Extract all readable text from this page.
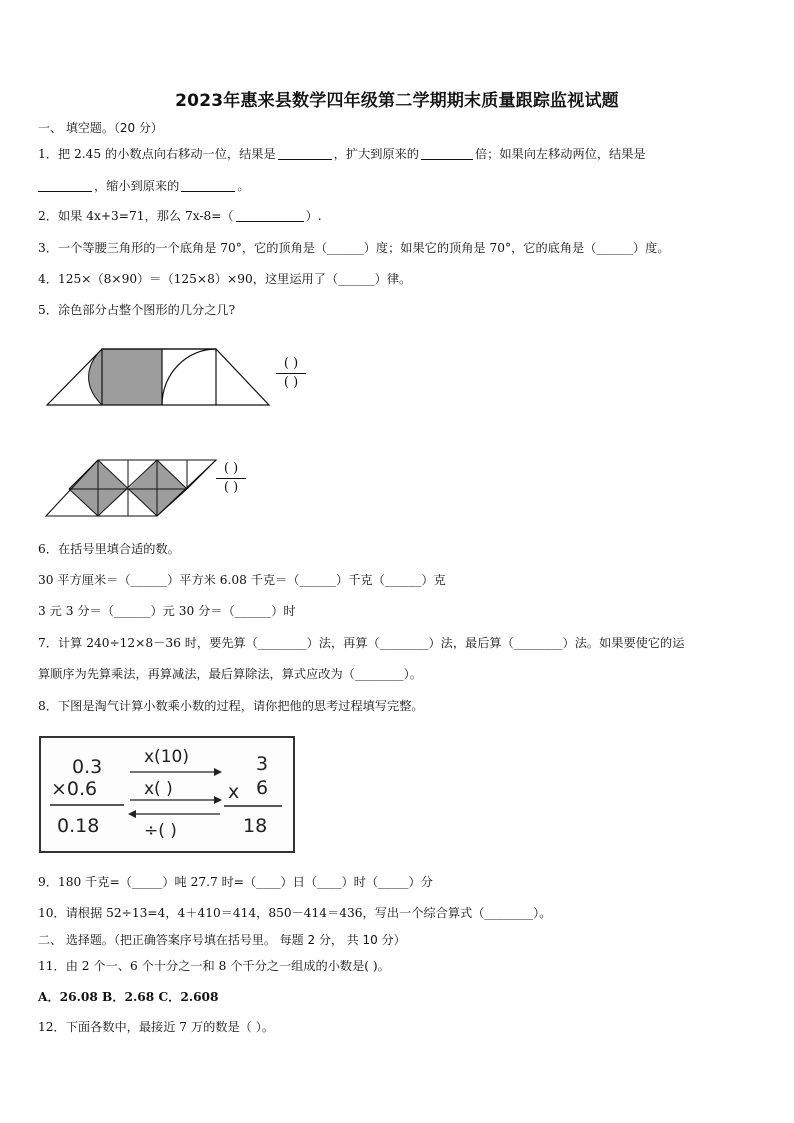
2023年惠来县数学四年级第二学期期末质量跟踪监视试题
一、 填空题。（20 分）
1．把 2.45 的小数点向右移动一位，结果是	，扩大到原来的	倍；如果向左移动两位，结果是
，缩小到原来的	。
2．如果 4x+3=71，那么 7x-8=（	）.
3．一个等腰三角形的一个底角是 70°，它的顶角是（______）度；如果它的顶角是 70°，它的底角是（______）度。
4．125×（8×90）＝（125×8）×90，这里运用了（______）律。
5．涂色部分占整个图形的几分之几?
( )
( )
( )
( )
6．在括号里填合适的数。
30 平方厘米＝（______）平方米 6.08 千克＝（______）千克（______）克
3 元 3 分＝（______）元 30 分＝（______）时
7．计算 240÷12×8－36 时，要先算（________）法，再算（________）法，最后算（________）法。如果要使它的运
算顺序为先算乘法，再算减法，最后算除法，算式应改为（________）。
8．下图是淘气计算小数乘小数的过程，请你把他的思考过程填写完整。
0.3
×0.6
0.18
x(10)
x( )
÷( )
3
x 6
18
9．180 千克=（_____）吨 27.7 时=（____）日（____）时（_____）分
10．请根据 52÷13=4，4＋410＝414，850－414＝436，写出一个综合算式（________）。
二、 选择题。（把正确答案序号填在括号里。 每题 2 分， 共 10 分）
11．由 2 个一、6 个十分之一和 8 个千分之一组成的小数是( )。
A．26.08 B．2.68 C．2.608
12．下面各数中，最接近 7 万的数是（ ）。
